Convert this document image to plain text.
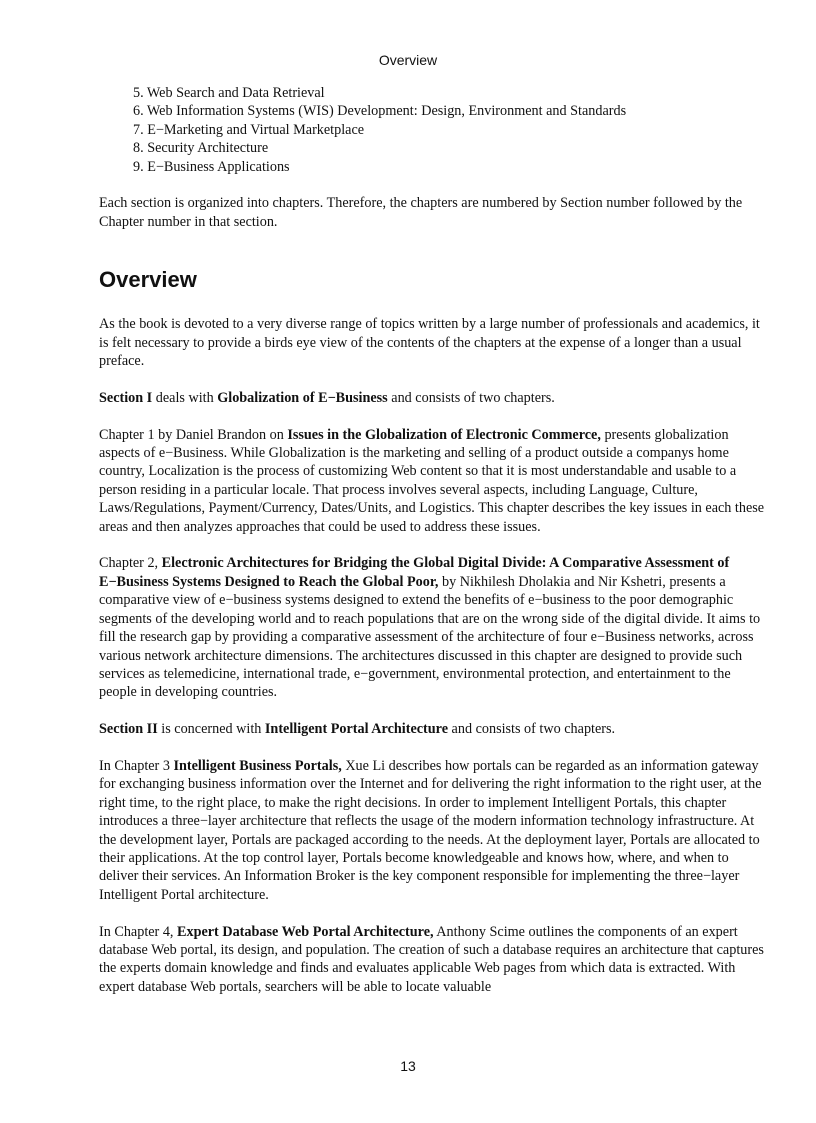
Overview
5. Web Search and Data Retrieval
6. Web Information Systems (WIS) Development: Design, Environment and Standards
7. E−Marketing and Virtual Marketplace
8. Security Architecture
9. E−Business Applications

Each section is organized into chapters. Therefore, the chapters are numbered by Section number followed by the Chapter number in that section.

Overview

As the book is devoted to a very diverse range of topics written by a large number of professionals and academics, it is felt necessary to provide a birds eye view of the contents of the chapters at the expense of a longer than a usual preface.

Section I deals with Globalization of E−Business and consists of two chapters.

Chapter 1 by Daniel Brandon on Issues in the Globalization of Electronic Commerce, presents globalization aspects of e−Business. While Globalization is the marketing and selling of a product outside a companys home country, Localization is the process of customizing Web content so that it is most understandable and usable to a person residing in a particular locale. That process involves several aspects, including Language, Culture, Laws/Regulations, Payment/Currency, Dates/Units, and Logistics. This chapter describes the key issues in each these areas and then analyzes approaches that could be used to address these issues.

Chapter 2, Electronic Architectures for Bridging the Global Digital Divide: A Comparative Assessment of E−Business Systems Designed to Reach the Global Poor, by Nikhilesh Dholakia and Nir Kshetri, presents a comparative view of e−business systems designed to extend the benefits of e−business to the poor demographic segments of the developing world and to reach populations that are on the wrong side of the digital divide. It aims to fill the research gap by providing a comparative assessment of the architecture of four e−Business networks, across various network architecture dimensions. The architectures discussed in this chapter are designed to provide such services as telemedicine, international trade, e−government, environmental protection, and entertainment to the people in developing countries.

Section II is concerned with Intelligent Portal Architecture and consists of two chapters.

In Chapter 3 Intelligent Business Portals, Xue Li describes how portals can be regarded as an information gateway for exchanging business information over the Internet and for delivering the right information to the right user, at the right time, to the right place, to make the right decisions. In order to implement Intelligent Portals, this chapter introduces a three−layer architecture that reflects the usage of the modern information technology infrastructure. At the development layer, Portals are packaged according to the needs. At the deployment layer, Portals are allocated to their applications. At the top control layer, Portals become knowledgeable and knows how, where, and when to deliver their services. An Information Broker is the key component responsible for implementing the three−layer Intelligent Portal architecture.

In Chapter 4, Expert Database Web Portal Architecture, Anthony Scime outlines the components of an expert database Web portal, its design, and population. The creation of such a database requires an architecture that captures the experts domain knowledge and finds and evaluates applicable Web pages from which data is extracted. With expert database Web portals, searchers will be able to locate valuable

13
